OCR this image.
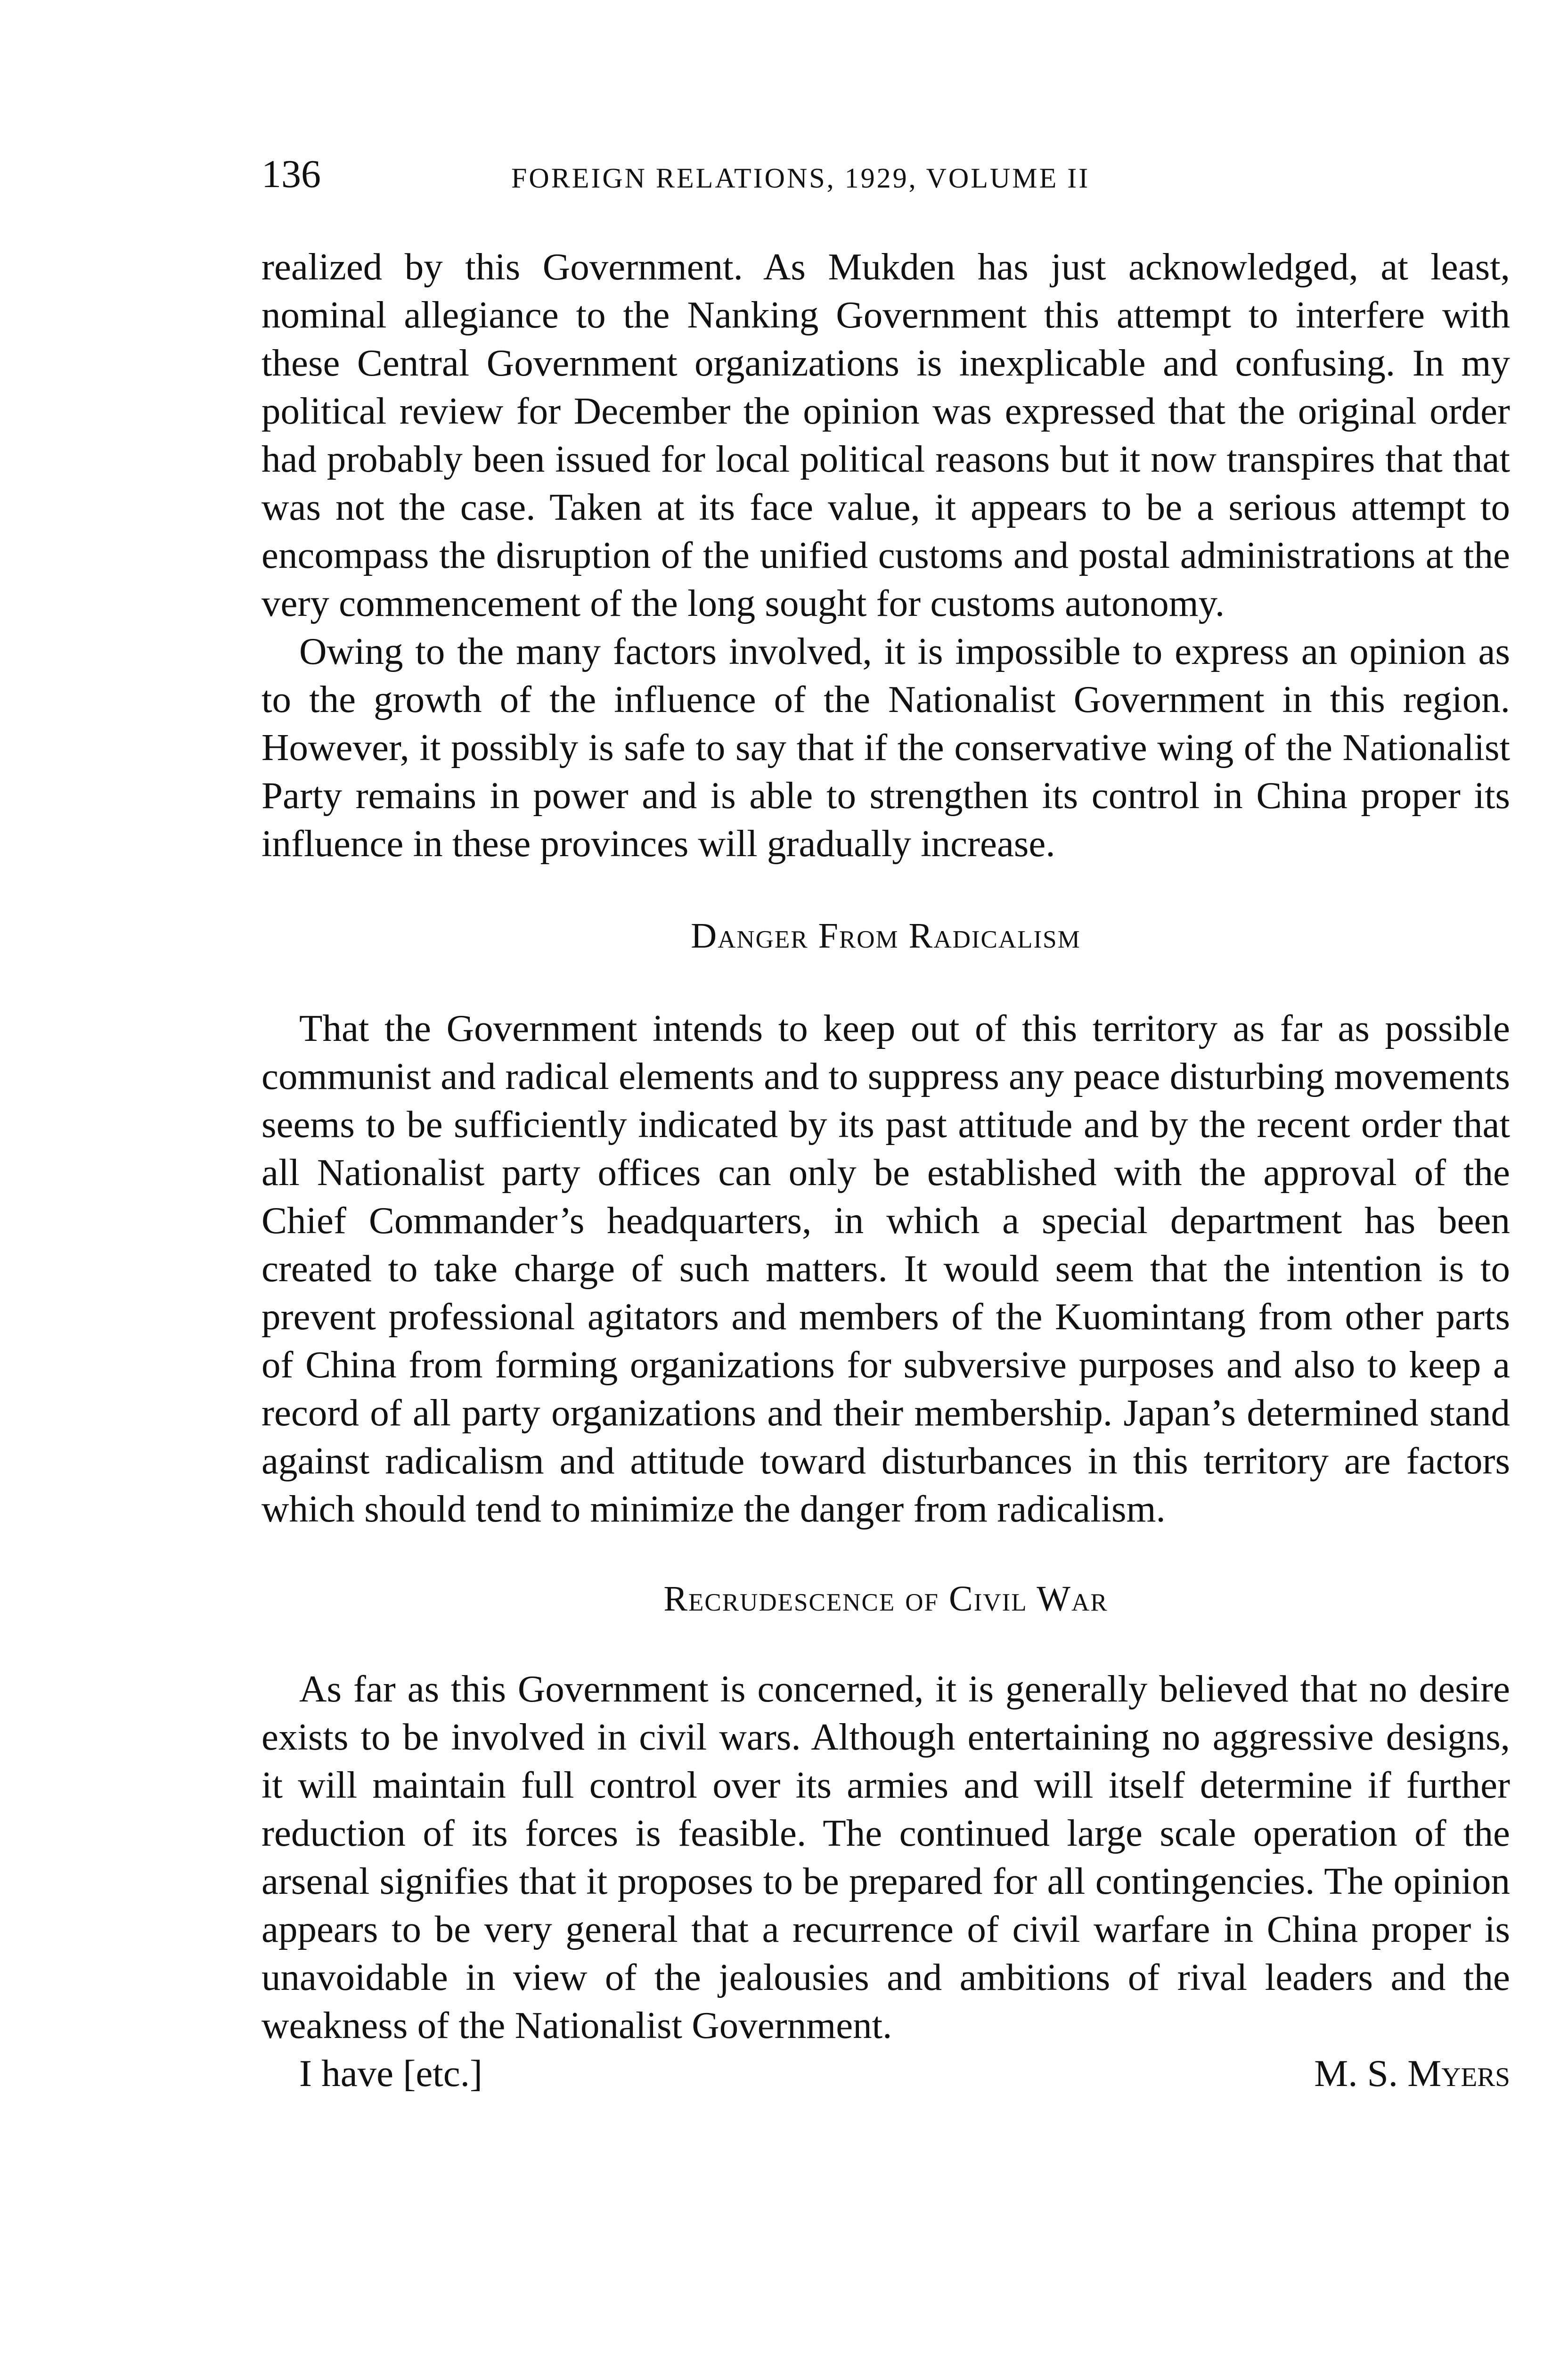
136	FOREIGN RELATIONS, 1929, VOLUME II

realized by this Government. As Mukden has just acknowledged, at least, nominal allegiance to the Nanking Government this attempt to interfere with these Central Government organizations is inexplicable and confusing. In my political review for December the opinion was expressed that the original order had probably been issued for local political reasons but it now transpires that that was not the case. Taken at its face value, it appears to be a serious attempt to encompass the disruption of the unified customs and postal administrations at the very commencement of the long sought for customs autonomy.

Owing to the many factors involved, it is impossible to express an opinion as to the growth of the influence of the Nationalist Government in this region. However, it possibly is safe to say that if the conservative wing of the Nationalist Party remains in power and is able to strengthen its control in China proper its influence in these provinces will gradually increase.

Danger From Radicalism

That the Government intends to keep out of this territory as far as possible communist and radical elements and to suppress any peace disturbing movements seems to be sufficiently indicated by its past attitude and by the recent order that all Nationalist party offices can only be established with the approval of the Chief Commander’s headquarters, in which a special department has been created to take charge of such matters. It would seem that the intention is to prevent professional agitators and members of the Kuomintang from other parts of China from forming organizations for subversive purposes and also to keep a record of all party organizations and their membership. Japan’s determined stand against radicalism and attitude toward disturbances in this territory are factors which should tend to minimize the danger from radicalism.

Recrudescence of Civil War

As far as this Government is concerned, it is generally believed that no desire exists to be involved in civil wars. Although entertaining no aggressive designs, it will maintain full control over its armies and will itself determine if further reduction of its forces is feasible. The continued large scale operation of the arsenal signifies that it proposes to be prepared for all contingencies. The opinion appears to be very general that a recurrence of civil warfare in China proper is unavoidable in view of the jealousies and ambitions of rival leaders and the weakness of the Nationalist Government.

I have [etc.]	M. S. Myers
